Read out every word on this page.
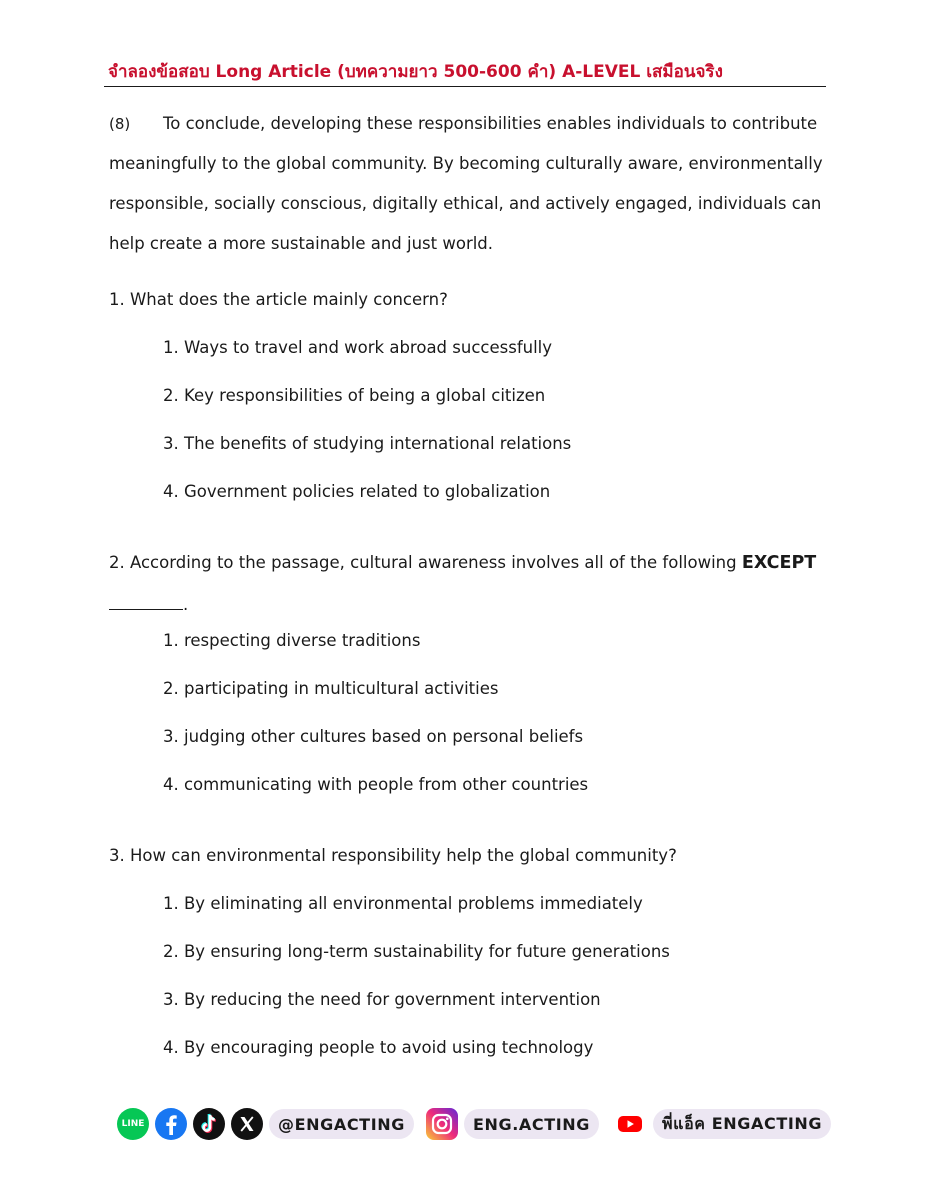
จำลองข้อสอบ Long Article (บทความยาว 500-600 คำ) A-LEVEL เสมือนจริง

(8) To conclude, developing these responsibilities enables individuals to contribute
meaningfully to the global community. By becoming culturally aware, environmentally
responsible, socially conscious, digitally ethical, and actively engaged, individuals can
help create a more sustainable and just world.

1. What does the article mainly concern?
1. Ways to travel and work abroad successfully
2. Key responsibilities of being a global citizen
3. The benefits of studying international relations
4. Government policies related to globalization
2. According to the passage, cultural awareness involves all of the following EXCEPT
.
1. respecting diverse traditions
2. participating in multicultural activities
3. judging other cultures based on personal beliefs
4. communicating with people from other countries
3. How can environmental responsibility help the global community?
1. By eliminating all environmental problems immediately
2. By ensuring long-term sustainability for future generations
3. By reducing the need for government intervention
4. By encouraging people to avoid using technology
LINE	@ENGACTING	ENG.ACTING	พี่แอ็ค ENGACTING
